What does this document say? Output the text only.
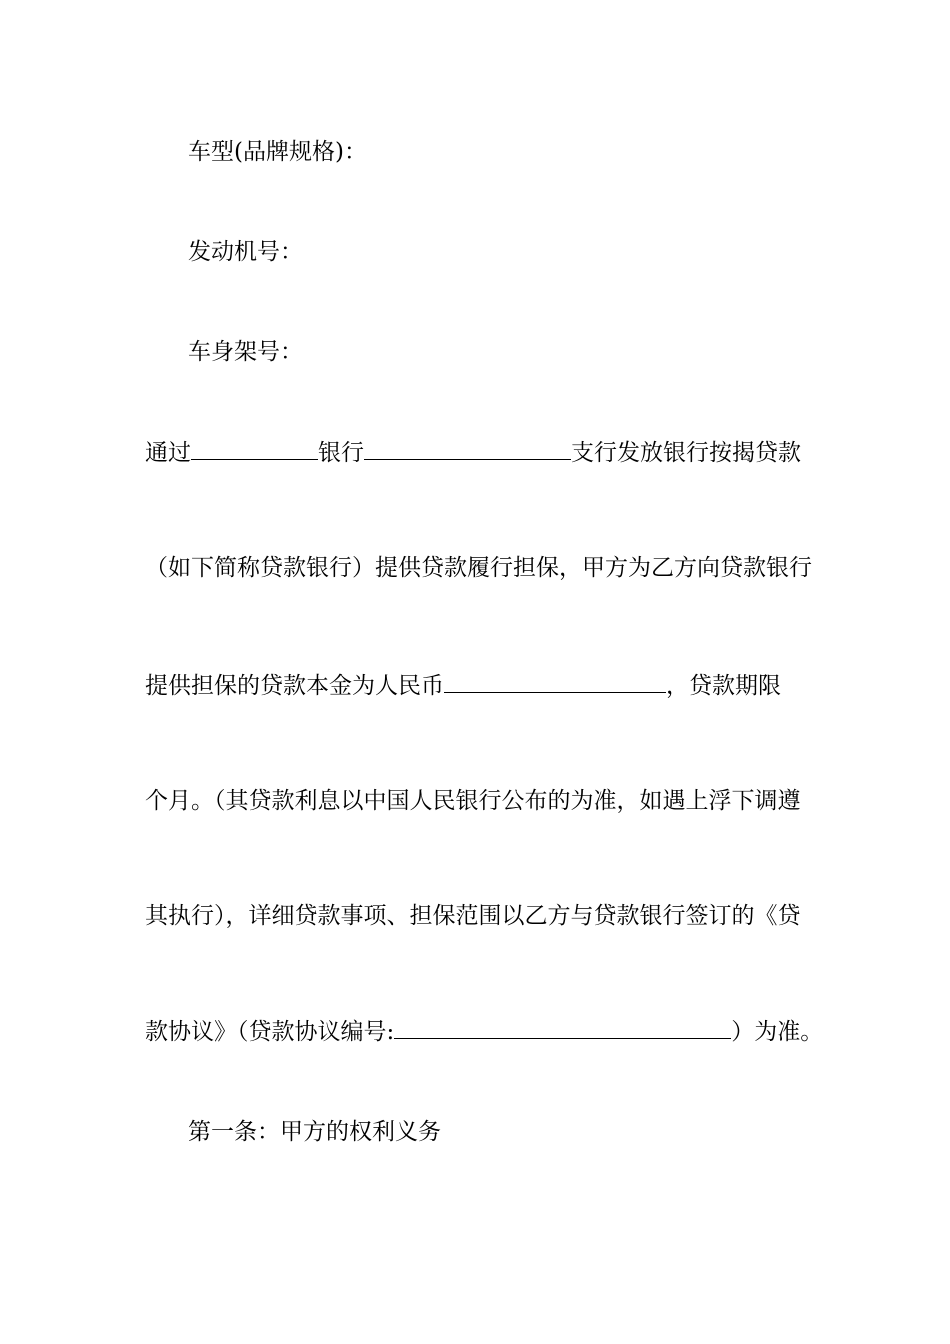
车型(品牌规格)：
发动机号：
车身架号：
通过	银行	支行发放银行按揭贷款
（如下简称贷款银行）提供贷款履行担保，甲方为乙方向贷款银行
提供担保的贷款本金为人民币	，贷款期限
个月。（其贷款利息以中国人民银行公布的为准，如遇上浮下调遵
其执行），详细贷款事项、担保范围以乙方与贷款银行签订的《贷
款协议》（贷款协议编号:	）为准。
第一条：甲方的权利义务
